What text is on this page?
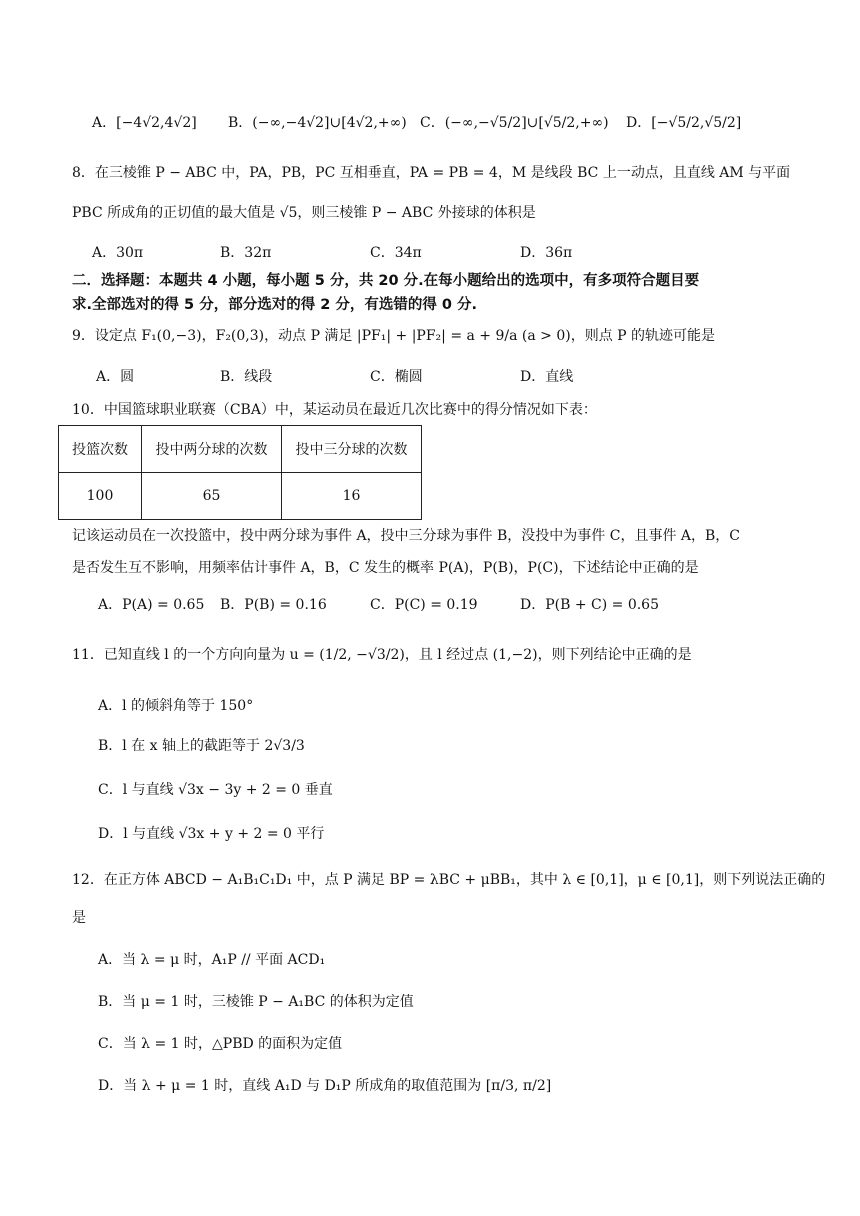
A．[−4√2,4√2] B．(−∞,−4√2]∪[4√2,+∞) C．(−∞,−√5/2]∪[√5/2,+∞) D．[−√5/2,√5/2]
8．在三棱锥 P − ABC 中，PA，PB，PC 互相垂直，PA = PB = 4，M 是线段 BC 上一动点，且直线 AM 与平面
PBC 所成角的正切值的最大值是 √5，则三棱锥 P − ABC 外接球的体积是
A．30π	B．32π	C．34π	D．36π
二．选择题：本题共 4 小题，每小题 5 分，共 20 分.在每小题给出的选项中，有多项符合题目要
求.全部选对的得 5 分，部分选对的得 2 分，有选错的得 0 分.
9．设定点 F₁(0,−3)，F₂(0,3)，动点 P 满足 |PF₁| + |PF₂| = a + 9/a (a > 0)，则点 P 的轨迹可能是
A．圆	B．线段	C．椭圆	D．直线
10．中国篮球职业联赛（CBA）中，某运动员在最近几次比赛中的得分情况如下表：
投篮次数	投中两分球的次数	投中三分球的次数
100	65	16
记该运动员在一次投篮中，投中两分球为事件 A，投中三分球为事件 B，没投中为事件 C，且事件 A，B，C
是否发生互不影响，用频率估计事件 A，B，C 发生的概率 P(A)，P(B)，P(C)，下述结论中正确的是
A．P(A) = 0.65 B．P(B) = 0.16	C．P(C) = 0.19	D．P(B + C) = 0.65
11．已知直线 l 的一个方向向量为 u = (1/2, −√3/2)，且 l 经过点 (1,−2)，则下列结论中正确的是
A．l 的倾斜角等于 150°
B．l 在 x 轴上的截距等于 2√3/3
C．l 与直线 √3x − 3y + 2 = 0 垂直
D．l 与直线 √3x + y + 2 = 0 平行
12．在正方体 ABCD − A₁B₁C₁D₁ 中，点 P 满足 BP = λBC + μBB₁，其中 λ ∈ [0,1]，μ ∈ [0,1]，则下列说法正确的
是
A．当 λ = μ 时，A₁P // 平面 ACD₁
B．当 μ = 1 时，三棱锥 P − A₁BC 的体积为定值
C．当 λ = 1 时，△PBD 的面积为定值
D．当 λ + μ = 1 时，直线 A₁D 与 D₁P 所成角的取值范围为 [π/3, π/2]
